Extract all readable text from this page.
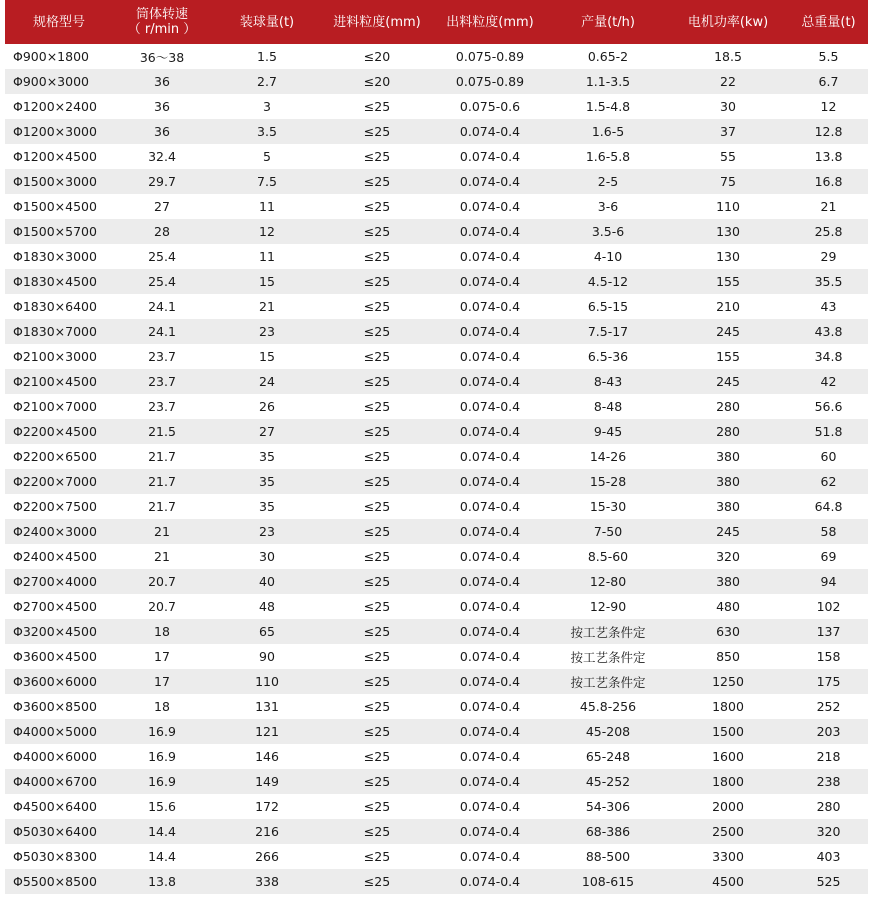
规格型号	筒体转速
（ r/min ）	装球量(t)	进料粒度(mm)	出料粒度(mm)	产量(t/h)	电机功率(kw)	总重量(t)
Φ900×1800	36～38	1.5	≤20	0.075-0.89	0.65-2	18.5	5.5
Φ900×3000	36	2.7	≤20	0.075-0.89	1.1-3.5	22	6.7
Φ1200×2400	36	3	≤25	0.075-0.6	1.5-4.8	30	12
Φ1200×3000	36	3.5	≤25	0.074-0.4	1.6-5	37	12.8
Φ1200×4500	32.4	5	≤25	0.074-0.4	1.6-5.8	55	13.8
Φ1500×3000	29.7	7.5	≤25	0.074-0.4	2-5	75	16.8
Φ1500×4500	27	11	≤25	0.074-0.4	3-6	110	21
Φ1500×5700	28	12	≤25	0.074-0.4	3.5-6	130	25.8
Φ1830×3000	25.4	11	≤25	0.074-0.4	4-10	130	29
Φ1830×4500	25.4	15	≤25	0.074-0.4	4.5-12	155	35.5
Φ1830×6400	24.1	21	≤25	0.074-0.4	6.5-15	210	43
Φ1830×7000	24.1	23	≤25	0.074-0.4	7.5-17	245	43.8
Φ2100×3000	23.7	15	≤25	0.074-0.4	6.5-36	155	34.8
Φ2100×4500	23.7	24	≤25	0.074-0.4	8-43	245	42
Φ2100×7000	23.7	26	≤25	0.074-0.4	8-48	280	56.6
Φ2200×4500	21.5	27	≤25	0.074-0.4	9-45	280	51.8
Φ2200×6500	21.7	35	≤25	0.074-0.4	14-26	380	60
Φ2200×7000	21.7	35	≤25	0.074-0.4	15-28	380	62
Φ2200×7500	21.7	35	≤25	0.074-0.4	15-30	380	64.8
Φ2400×3000	21	23	≤25	0.074-0.4	7-50	245	58
Φ2400×4500	21	30	≤25	0.074-0.4	8.5-60	320	69
Φ2700×4000	20.7	40	≤25	0.074-0.4	12-80	380	94
Φ2700×4500	20.7	48	≤25	0.074-0.4	12-90	480	102
Φ3200×4500	18	65	≤25	0.074-0.4	按工艺条件定	630	137
Φ3600×4500	17	90	≤25	0.074-0.4	按工艺条件定	850	158
Φ3600×6000	17	110	≤25	0.074-0.4	按工艺条件定	1250	175
Φ3600×8500	18	131	≤25	0.074-0.4	45.8-256	1800	252
Φ4000×5000	16.9	121	≤25	0.074-0.4	45-208	1500	203
Φ4000×6000	16.9	146	≤25	0.074-0.4	65-248	1600	218
Φ4000×6700	16.9	149	≤25	0.074-0.4	45-252	1800	238
Φ4500×6400	15.6	172	≤25	0.074-0.4	54-306	2000	280
Φ5030×6400	14.4	216	≤25	0.074-0.4	68-386	2500	320
Φ5030×8300	14.4	266	≤25	0.074-0.4	88-500	3300	403
Φ5500×8500	13.8	338	≤25	0.074-0.4	108-615	4500	525
